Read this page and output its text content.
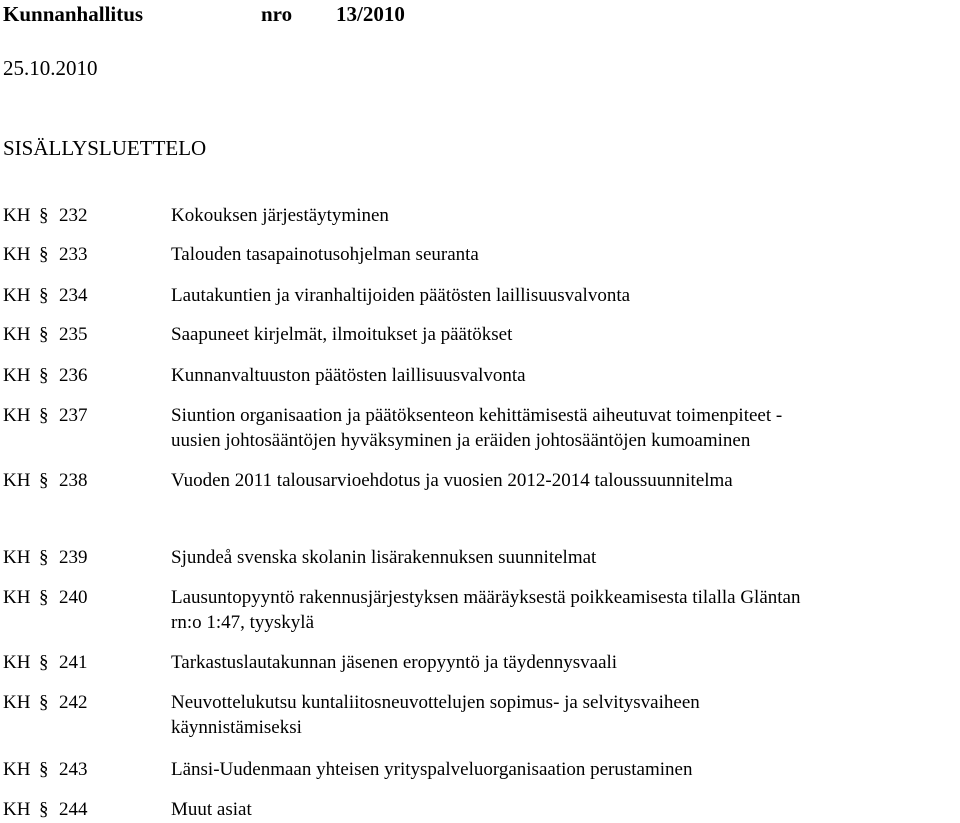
Kunnanhallitus	nro 13/2010
25.10.2010
SISÄLLYSLUETTELO
KH § 232	Kokouksen järjestäytyminen
KH § 233	Talouden tasapainotusohjelman seuranta
KH § 234	Lautakuntien ja viranhaltijoiden päätösten laillisuusvalvonta
KH § 235	Saapuneet kirjelmät, ilmoitukset ja päätökset
KH § 236	Kunnanvaltuuston päätösten laillisuusvalvonta
KH § 237	Siuntion organisaation ja päätöksenteon kehittämisestä aiheutuvat toimenpiteet -
uusien johtosääntöjen hyväksyminen ja eräiden johtosääntöjen kumoaminen
KH § 238	Vuoden 2011 talousarvioehdotus ja vuosien 2012-2014 taloussuunnitelma
KH § 239	Sjundeå svenska skolanin lisärakennuksen suunnitelmat
KH § 240	Lausuntopyyntö rakennusjärjestyksen määräyksestä poikkeamisesta tilalla Gläntan
rn:o 1:47, tyyskylä
KH § 241	Tarkastuslautakunnan jäsenen eropyyntö ja täydennysvaali
KH § 242	Neuvottelukutsu kuntaliitosneuvottelujen sopimus- ja selvitysvaiheen
käynnistämiseksi
KH § 243	Länsi-Uudenmaan yhteisen yrityspalveluorganisaation perustaminen
KH § 244	Muut asiat
